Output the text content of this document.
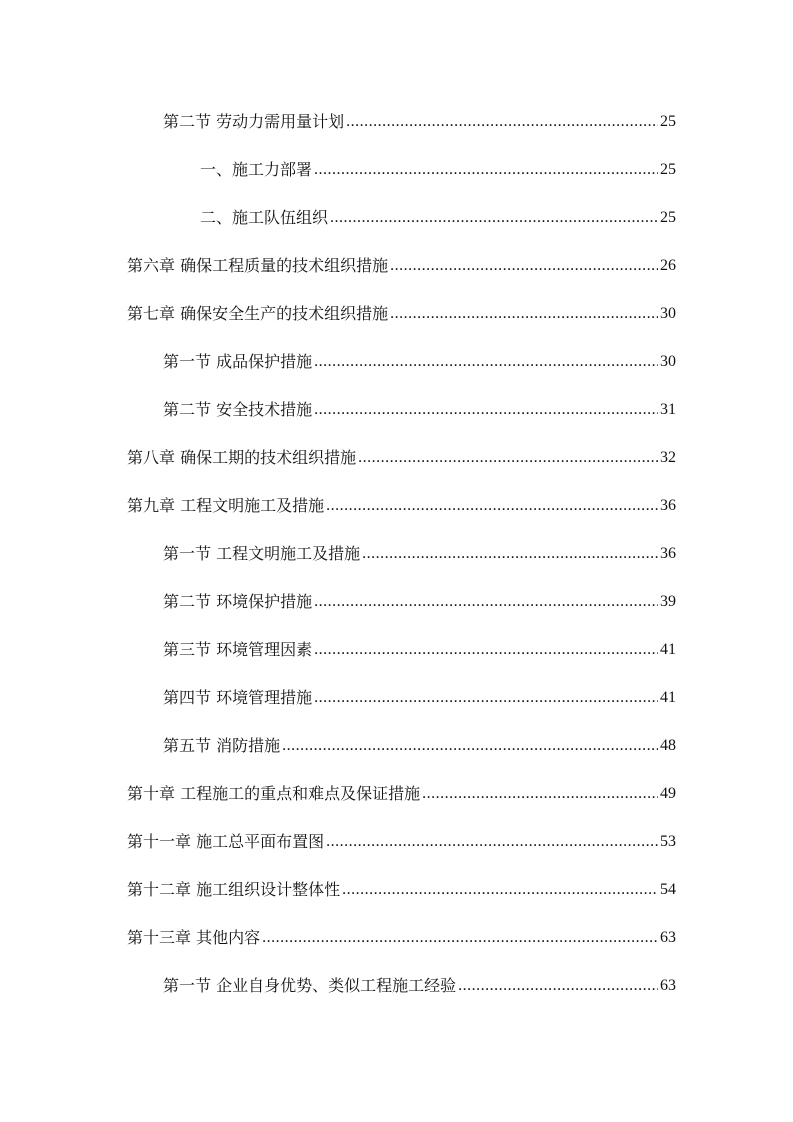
第二节 劳动力需用量计划 .....	25
一、施工力部署 .....	25
二、施工队伍组织 .....	25
第六章 确保工程质量的技术组织措施 .....	26
第七章 确保安全生产的技术组织措施 .....	30
第一节 成品保护措施 .....	30
第二节 安全技术措施 .....	31
第八章 确保工期的技术组织措施 .....	32
第九章 工程文明施工及措施 .....	36
第一节 工程文明施工及措施 .....	36
第二节 环境保护措施 .....	39
第三节 环境管理因素 .....	41
第四节 环境管理措施 .....	41
第五节 消防措施 .....	48
第十章 工程施工的重点和难点及保证措施 .....	49
第十一章 施工总平面布置图 .....	53
第十二章 施工组织设计整体性 .....	54
第十三章 其他内容 .....	63
第一节 企业自身优势、类似工程施工经验 .....	63
